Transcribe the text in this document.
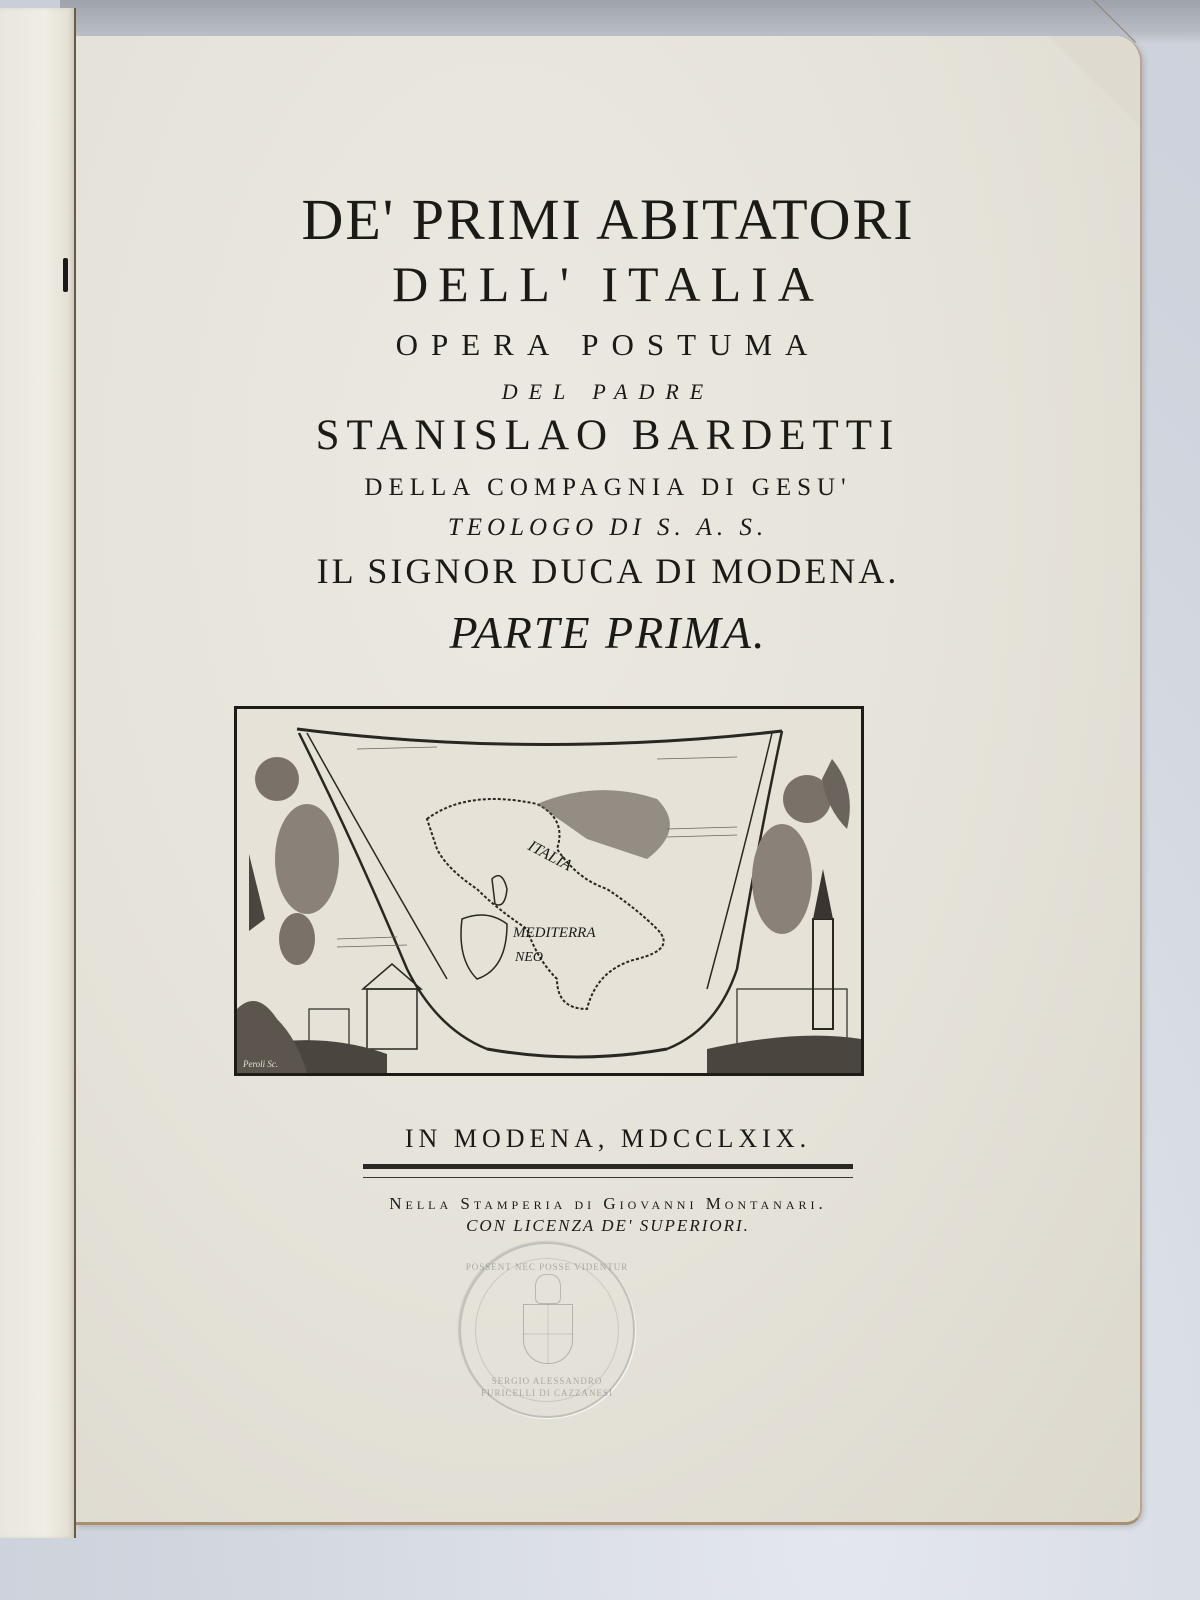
DE' PRIMI ABITATORI
DELL' ITALIA
OPERA POSTUMA
DEL PADRE
STANISLAO BARDETTI
DELLA COMPAGNIA DI GESU'
TEOLOGO DI S. A. S.
IL SIGNOR DUCA DI MODENA.
PARTE PRIMA.
ITALIA
MEDITERRA
NEO
Peroli Sc.
IN MODENA, MDCCLXIX.
Nella Stamperia di Giovanni Montanari.
CON LICENZA DE' SUPERIORI.
POSSENT NEC POSSE VIDENTUR
SERGIO ALESSANDRO
FURICELLI DI CAZZANESI
